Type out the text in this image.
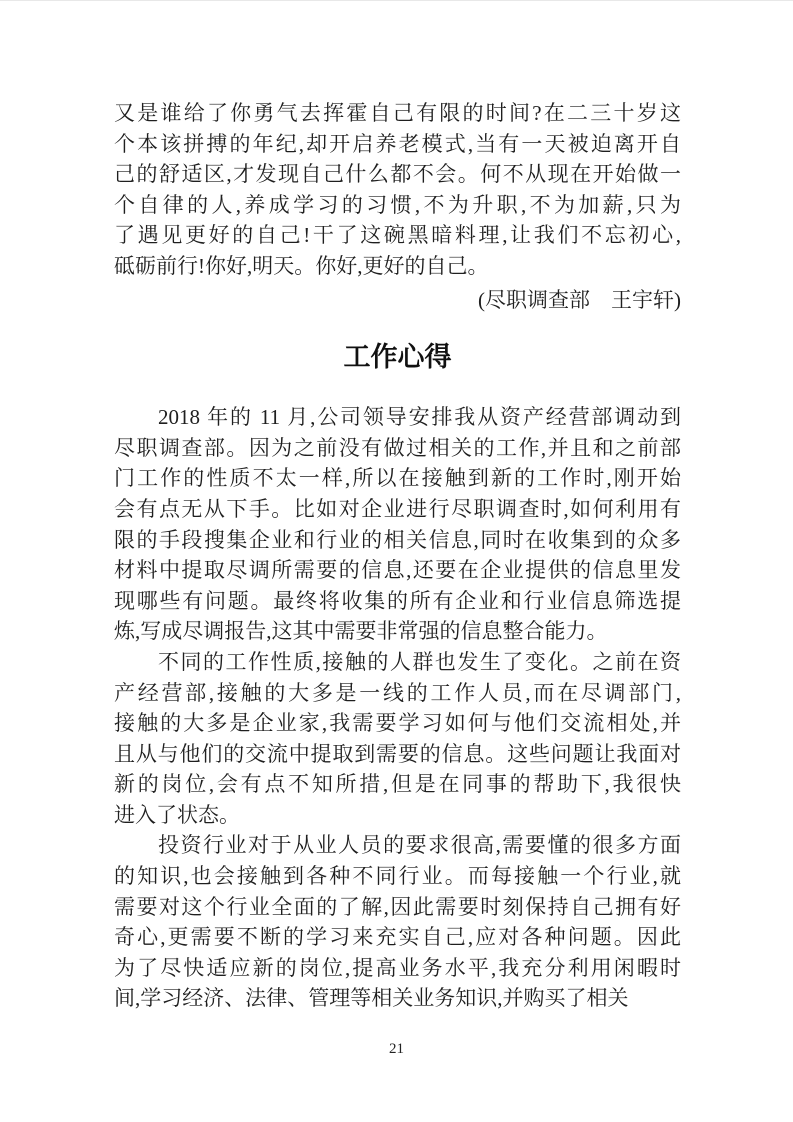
又是谁给了你勇气去挥霍自己有限的时间?在二三十岁这
个本该拼搏的年纪,却开启养老模式,当有一天被迫离开自
己的舒适区,才发现自己什么都不会。何不从现在开始做一
个自律的人,养成学习的习惯,不为升职,不为加薪,只为
了遇见更好的自己!干了这碗黑暗料理,让我们不忘初心,
砥砺前行!你好,明天。你好,更好的自己。
(尽职调查部　王宇轩)
工作心得
2018 年的 11 月,公司领导安排我从资产经营部调动到
尽职调查部。因为之前没有做过相关的工作,并且和之前部
门工作的性质不太一样,所以在接触到新的工作时,刚开始
会有点无从下手。比如对企业进行尽职调查时,如何利用有
限的手段搜集企业和行业的相关信息,同时在收集到的众多
材料中提取尽调所需要的信息,还要在企业提供的信息里发
现哪些有问题。最终将收集的所有企业和行业信息筛选提
炼,写成尽调报告,这其中需要非常强的信息整合能力。
不同的工作性质,接触的人群也发生了变化。之前在资
产经营部,接触的大多是一线的工作人员,而在尽调部门,
接触的大多是企业家,我需要学习如何与他们交流相处,并
且从与他们的交流中提取到需要的信息。这些问题让我面对
新的岗位,会有点不知所措,但是在同事的帮助下,我很快
进入了状态。
投资行业对于从业人员的要求很高,需要懂的很多方面
的知识,也会接触到各种不同行业。而每接触一个行业,就
需要对这个行业全面的了解,因此需要时刻保持自己拥有好
奇心,更需要不断的学习来充实自己,应对各种问题。因此
为了尽快适应新的岗位,提高业务水平,我充分利用闲暇时
间,学习经济、法律、管理等相关业务知识,并购买了相关
21
